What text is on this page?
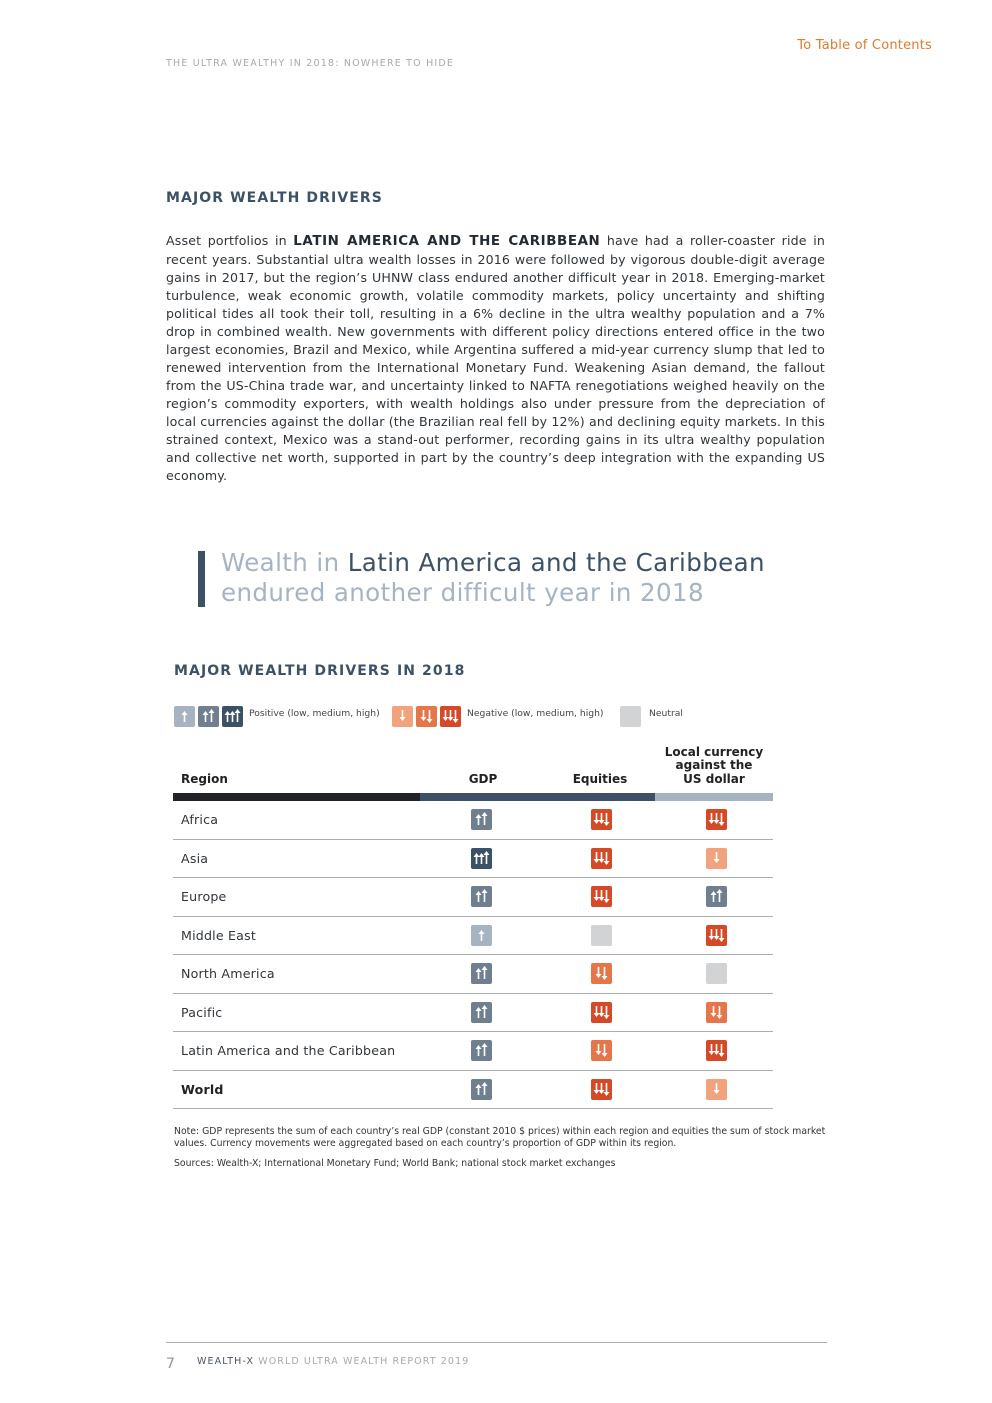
To Table of Contents
THE ULTRA WEALTHY IN 2018: NOWHERE TO HIDE
MAJOR WEALTH DRIVERS

Asset portfolios in LATIN AMERICA AND THE CARIBBEAN have had a roller-coaster ride in recent years. Substantial ultra wealth losses in 2016 were followed by vigorous double-digit average gains in 2017, but the region’s UHNW class endured another difficult year in 2018. Emerging-market turbulence, weak economic growth, volatile commodity markets, policy uncertainty and shifting political tides all took their toll, resulting in a 6% decline in the ultra wealthy population and a 7% drop in combined wealth. New governments with different policy directions entered office in the two largest economies, Brazil and Mexico, while Argentina suffered a mid-year currency slump that led to renewed intervention from the International Monetary Fund. Weakening Asian demand, the fallout from the US-China trade war, and uncertainty linked to NAFTA renegotiations weighed heavily on the region’s commodity exporters, with wealth holdings also under pressure from the depreciation of local currencies against the dollar (the Brazilian real fell by 12%) and declining equity markets. In this strained context, Mexico was a stand-out performer, recording gains in its ultra wealthy population and collective net worth, supported in part by the country’s deep integration with the expanding US economy.

Wealth in Latin America and the Caribbean
endured another difficult year in 2018
MAJOR WEALTH DRIVERS IN 2018
Positive (low, medium, high)	Negative (low, medium, high)	Neutral
Region	GDP	Equities
Local currency
against the
US dollar
Africa
Asia
Europe
Middle East
North America
Pacific
Latin America and the Caribbean
World

Note: GDP represents the sum of each country’s real GDP (constant 2010 $ prices) within each region and equities the sum of stock market values. Currency movements were aggregated based on each country’s proportion of GDP within its region.

Sources: Wealth-X; International Monetary Fund; World Bank; national stock market exchanges

7 WEALTH-X WORLD ULTRA WEALTH REPORT 2019
